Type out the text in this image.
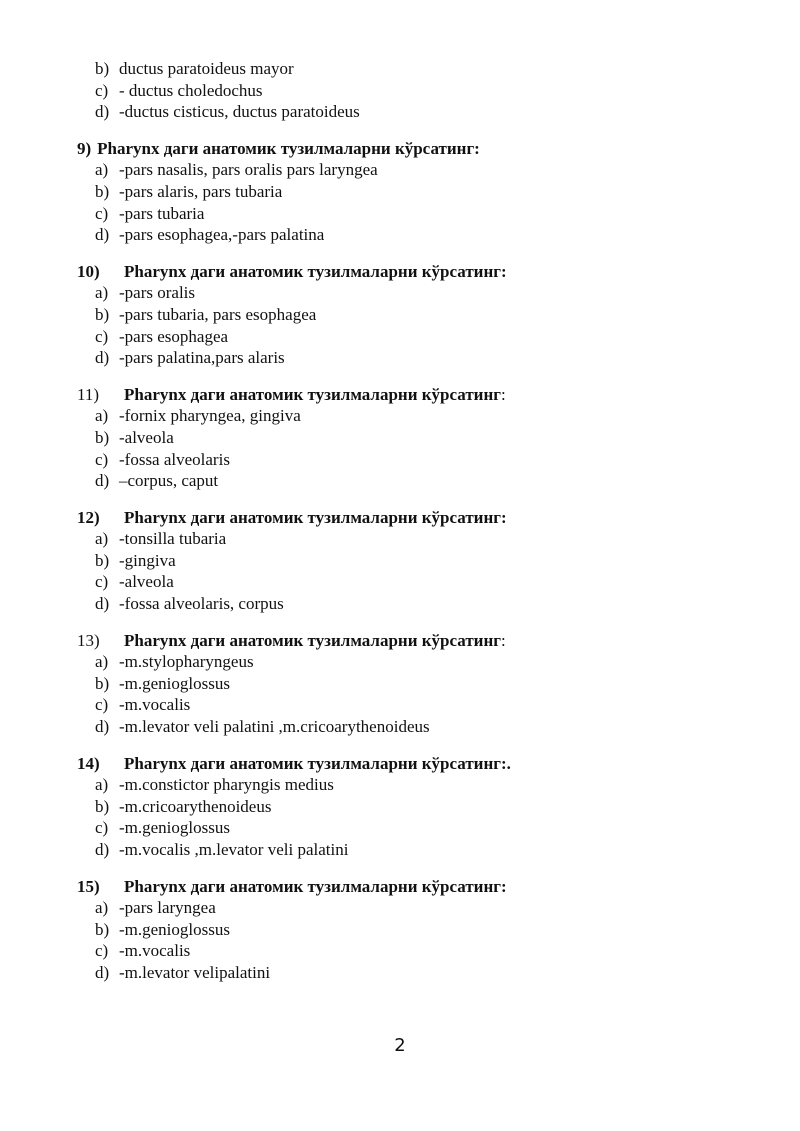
b) ductus paratoideus mayor
c) - ductus choledochus
d) -ductus cisticus, ductus paratoideus
9) Pharynx даги анатомик тузилмаларни кўрсатинг:
a) -pars nasalis, pars oralis pars laryngea
b) -pars alaris, pars tubaria
c) -pars tubaria
d) -pars esophagea,-pars palatina
10) Pharynx даги анатомик тузилмаларни кўрсатинг:
a) -pars oralis
b) -pars tubaria, pars esophagea
c) -pars esophagea
d) -pars palatina,pars alaris
11) Pharynx даги анатомик тузилмаларни кўрсатинг:
a) -fornix pharyngea, gingiva
b) -alveola
c) -fossa alveolaris
d) –corpus, caput
12) Pharynx даги анатомик тузилмаларни кўрсатинг:
a) -tonsilla tubaria
b) -gingiva
c) -alveola
d) -fossa alveolaris, corpus
13) Pharynx даги анатомик тузилмаларни кўрсатинг:
a) -m.stylopharyngeus
b) -m.genioglossus
c) -m.vocalis
d) -m.levator veli palatini ,m.cricoarythenoideus
14) Pharynx даги анатомик тузилмаларни кўрсатинг:.
a) -m.constictor pharyngis medius
b) -m.cricoarythenoideus
c) -m.genioglossus
d) -m.vocalis ,m.levator veli palatini
15) Pharynx даги анатомик тузилмаларни кўрсатинг:
a) -pars laryngea
b) -m.genioglossus
c) -m.vocalis
d) -m.levator velipalatini
2
